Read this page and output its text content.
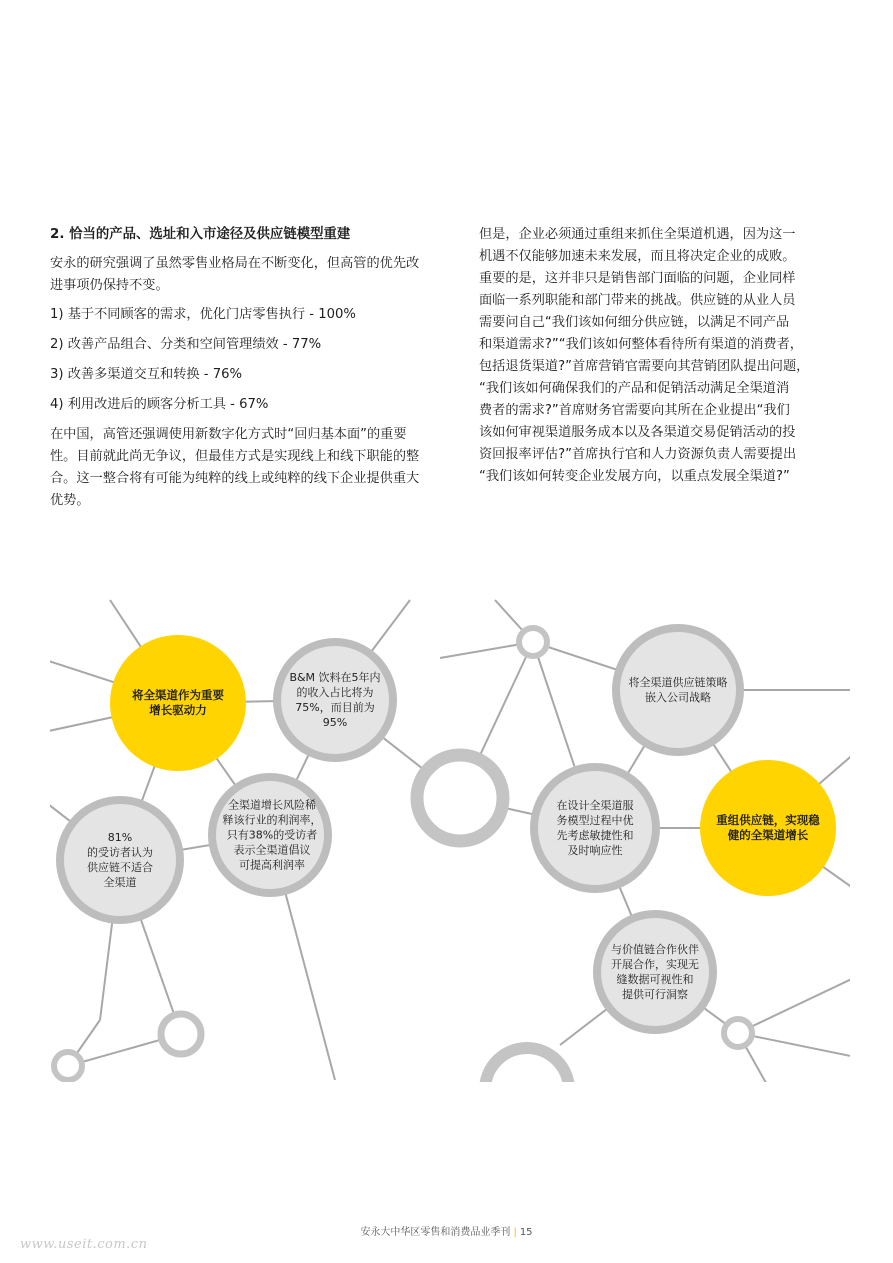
2. 恰当的产品、选址和入市途径及供应链模型重建
安永的研究强调了虽然零售业格局在不断变化，但高管的优先改进事项仍保持不变。
1) 基于不同顾客的需求，优化门店零售执行 - 100%
2) 改善产品组合、分类和空间管理绩效 - 77%
3) 改善多渠道交互和转换 - 76%
4) 利用改进后的顾客分析工具 - 67%
在中国，高管还强调使用新数字化方式时“回归基本面”的重要性。目前就此尚无争议，但最佳方式是实现线上和线下职能的整合。这一整合将有可能为纯粹的线上或纯粹的线下企业提供重大优势。
但是，企业必须通过重组来抓住全渠道机遇，因为这一
机遇不仅能够加速未来发展，而且将决定企业的成败。
重要的是，这并非只是销售部门面临的问题，企业同样
面临一系列职能和部门带来的挑战。供应链的从业人员
需要问自己“我们该如何细分供应链，以满足不同产品
和渠道需求?”“我们该如何整体看待所有渠道的消费者，
包括退货渠道?”首席营销官需要向其营销团队提出问题，
“我们该如何确保我们的产品和促销活动满足全渠道消
费者的需求?”首席财务官需要向其所在企业提出“我们
该如何审视渠道服务成本以及各渠道交易促销活动的投
资回报率评估?”首席执行官和人力资源负责人需要提出
“我们该如何转变企业发展方向，以重点发展全渠道?”
将全渠道作为重要
增长驱动力
B&M 饮料在5年内
的收入占比将为
75%，而目前为
95%
将全渠道供应链策略
嵌入公司战略
81%
的受访者认为
供应链不适合
全渠道
全渠道增长风险稀
释该行业的利润率，
只有38%的受访者
表示全渠道倡议
可提高利润率
在设计全渠道服
务模型过程中优
先考虑敏捷性和
及时响应性
重组供应链，实现稳
健的全渠道增长
与价值链合作伙伴
开展合作，实现无
缝数据可视性和
提供可行洞察
安永大中华区零售和消费品业季刊 | 15
www.useit.com.cn
